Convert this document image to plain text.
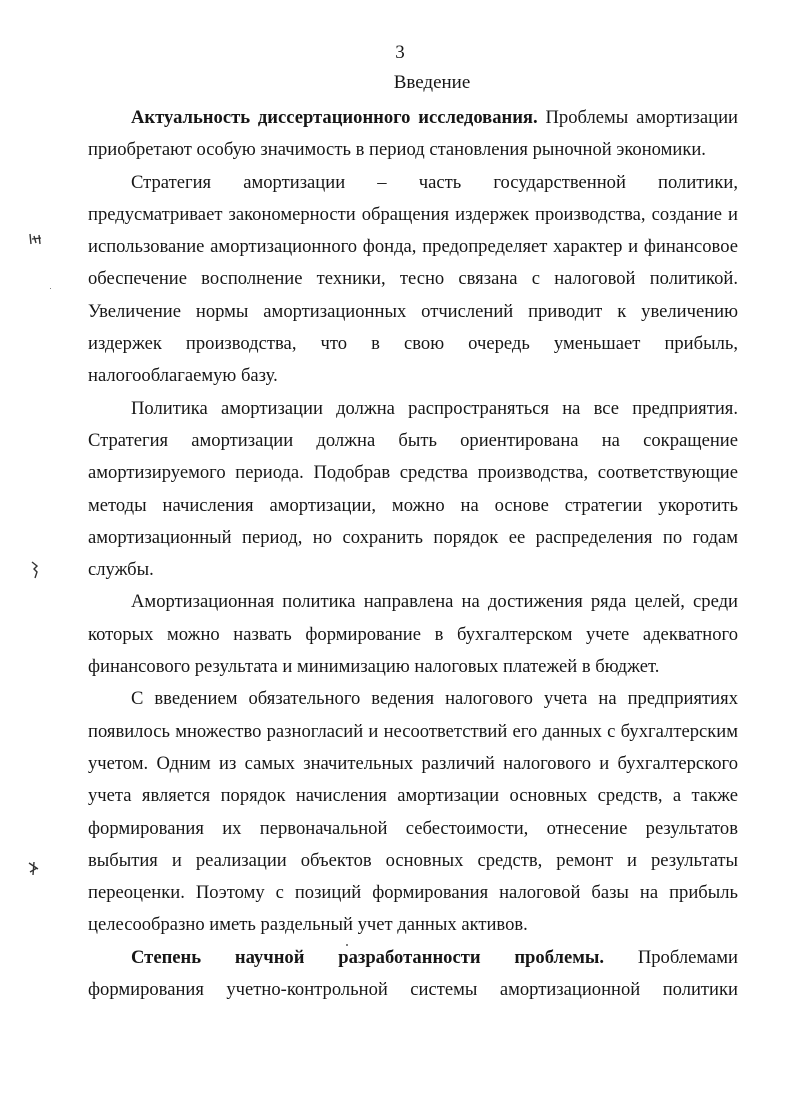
3
Введение

Актуальность диссертационного исследования. Проблемы амортизации приобретают особую значимость в период становления рыночной экономики.

Стратегия амортизации – часть государственной политики, предусматривает закономерности обращения издержек производства, создание и использование амортизационного фонда, предопределяет характер и финансовое обеспечение восполнение техники, тесно связана с налоговой политикой. Увеличение нормы амортизационных отчислений приводит к увеличению издержек производства, что в свою очередь уменьшает прибыль, налогооблагаемую базу.

Политика амортизации должна распространяться на все предприятия. Стратегия амортизации должна быть ориентирована на сокращение амортизируемого периода. Подобрав средства производства, соответствующие методы начисления амортизации, можно на основе стратегии укоротить амортизационный период, но сохранить порядок ее распределения по годам службы.

Амортизационная политика направлена на достижения ряда целей, среди которых можно назвать формирование в бухгалтерском учете адекватного финансового результата и минимизацию налоговых платежей в бюджет.

С введением обязательного ведения налогового учета на предприятиях появилось множество разногласий и несоответствий его данных с бухгалтерским учетом. Одним из самых значительных различий налогового и бухгалтерского учета является порядок начисления амортизации основных средств, а также формирования их первоначальной себестоимости, отнесение результатов выбытия и реализации объектов основных средств, ремонт и результаты переоценки. Поэтому с позиций формирования налоговой базы на прибыль целесообразно иметь раздельный учет данных активов.

Степень научной разработанности проблемы. Проблемами формирования учетно-контрольной системы амортизационной политики
